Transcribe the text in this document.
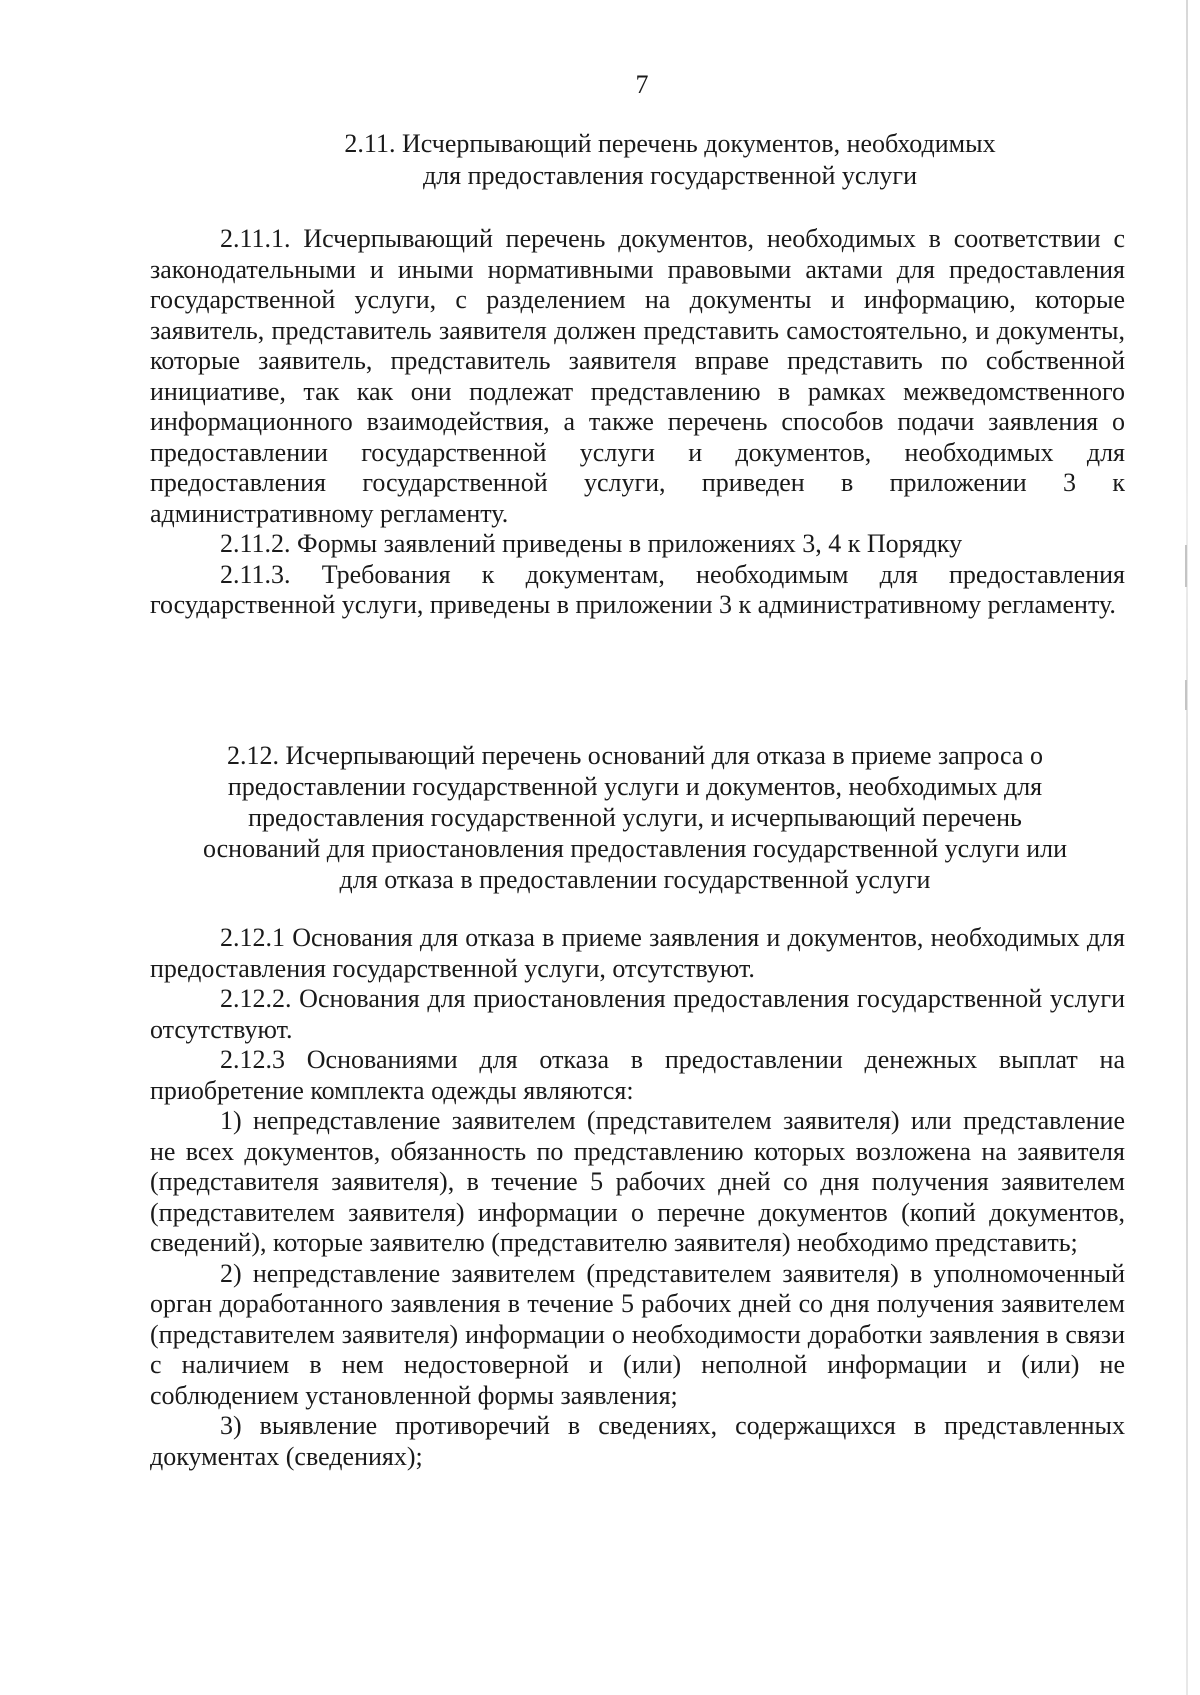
7
2.11. Исчерпывающий перечень документов, необходимых
для предоставления государственной услуги

2.11.1. Исчерпывающий перечень документов, необходимых в соответствии с законодательными и иными нормативными правовыми актами для предоставления государственной услуги, с разделением на документы и информацию, которые заявитель, представитель заявителя должен представить самостоятельно, и документы, которые заявитель, представитель заявителя вправе представить по собственной инициативе, так как они подлежат представлению в рамках межведомственного информационного взаимодействия, а также перечень способов подачи заявления о предоставлении государственной услуги и документов, необходимых для предоставления государственной услуги, приведен в приложении 3 к административному регламенту.

2.11.2. Формы заявлений приведены в приложениях 3, 4 к Порядку

2.11.3. Требования к документам, необходимым для предоставления государственной услуги, приведены в приложении 3 к административному регламенту.

2.12. Исчерпывающий перечень оснований для отказа в приеме запроса о
предоставлении государственной услуги и документов, необходимых для
предоставления государственной услуги, и исчерпывающий перечень
оснований для приостановления предоставления государственной услуги или
для отказа в предоставлении государственной услуги

2.12.1 Основания для отказа в приеме заявления и документов, необходимых для предоставления государственной услуги, отсутствуют.

2.12.2. Основания для приостановления предоставления государственной услуги отсутствуют.

2.12.3 Основаниями для отказа в предоставлении денежных выплат на приобретение комплекта одежды являются:

1) непредставление заявителем (представителем заявителя) или представление не всех документов, обязанность по представлению которых возложена на заявителя (представителя заявителя), в течение 5 рабочих дней со дня получения заявителем (представителем заявителя) информации о перечне документов (копий документов, сведений), которые заявителю (представителю заявителя) необходимо представить;

2) непредставление заявителем (представителем заявителя) в уполномоченный орган доработанного заявления в течение 5 рабочих дней со дня получения заявителем (представителем заявителя) информации о необходимости доработки заявления в связи с наличием в нем недостоверной и (или) неполной информации и (или) не соблюдением установленной формы заявления;

3) выявление противоречий в сведениях, содержащихся в представленных документах (сведениях);
